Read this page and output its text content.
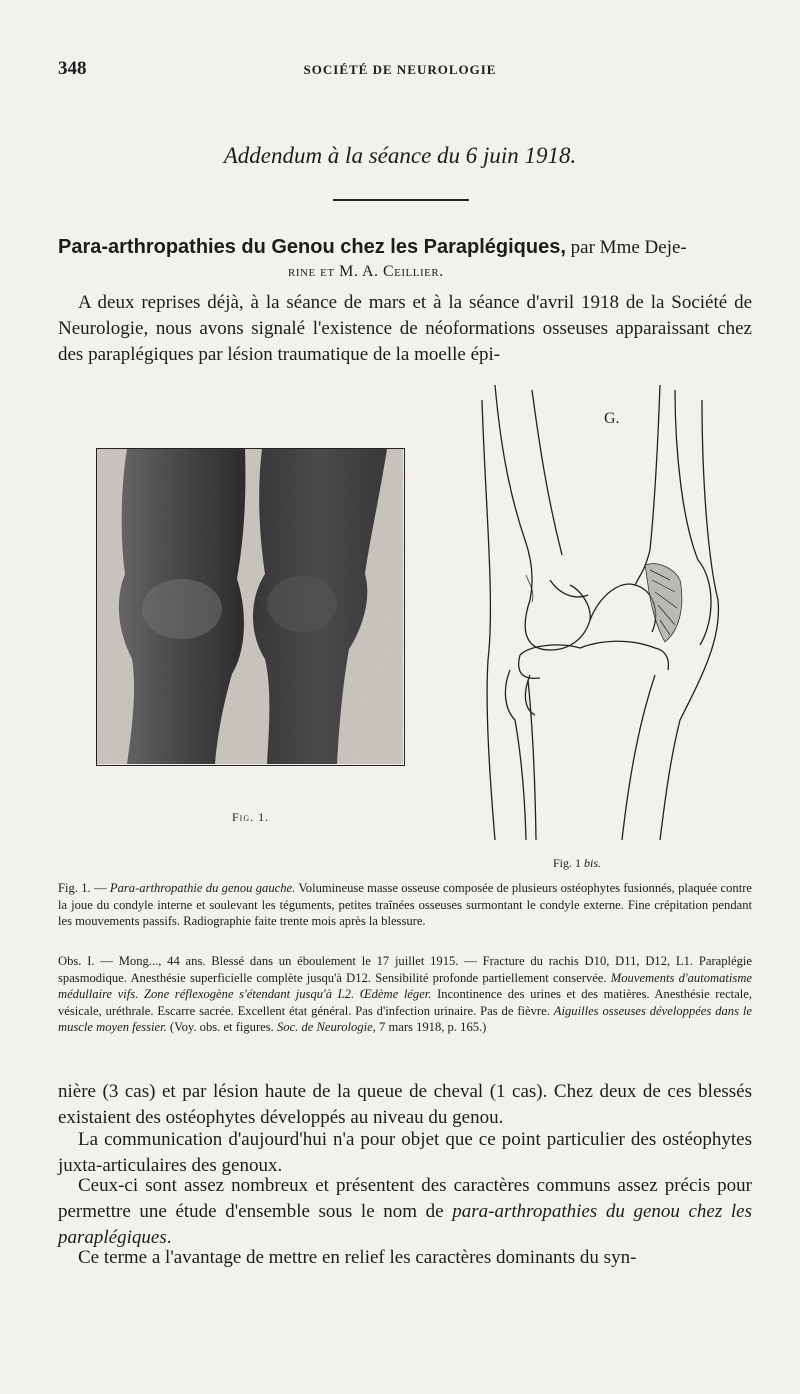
348	SOCIÉTÉ DE NEUROLOGIE
Addendum à la séance du 6 juin 1918.
Para-arthropathies du Genou chez les Paraplégiques, par Mme Deje-
rine et M. A. Ceillier.
A deux reprises déjà, à la séance de mars et à la séance d'avril 1918 de la Société de Neurologie, nous avons signalé l'existence de néoformations osseuses apparaissant chez des paraplégiques par lésion traumatique de la moelle épi-
Fig. 1.
G.
Fig. 1 bis.
Fig. 1. — Para-arthropathie du genou gauche. Volumineuse masse osseuse composée de plusieurs ostéophytes fusionnés, plaquée contre la joue du condyle interne et soulevant les téguments, petites traînées osseuses surmontant le condyle externe. Fine crépitation pendant les mouvements passifs. Radiographie faite trente mois après la blessure.
Obs. I. — Mong..., 44 ans. Blessé dans un éboulement le 17 juillet 1915. — Fracture du rachis D10, D11, D12, L1. Paraplégie spasmodique. Anesthésie superficielle complète jusqu'à D12. Sensibilité profonde partiellement conservée. Mouvements d'automatisme médullaire vifs. Zone réflexogène s'étendant jusqu'à L2. Œdème léger. Incontinence des urines et des matières. Anesthésie rectale, vésicale, uréthrale. Escarre sacrée. Excellent état général. Pas d'infection urinaire. Pas de fièvre. Aiguilles osseuses développées dans le muscle moyen fessier. (Voy. obs. et figures. Soc. de Neurologie, 7 mars 1918, p. 165.)
nière (3 cas) et par lésion haute de la queue de cheval (1 cas). Chez deux de ces blessés existaient des ostéophytes développés au niveau du genou.
La communication d'aujourd'hui n'a pour objet que ce point particulier des ostéophytes juxta-articulaires des genoux.
Ceux-ci sont assez nombreux et présentent des caractères communs assez précis pour permettre une étude d'ensemble sous le nom de para-arthropathies du genou chez les paraplégiques.
Ce terme a l'avantage de mettre en relief les caractères dominants du syn-
